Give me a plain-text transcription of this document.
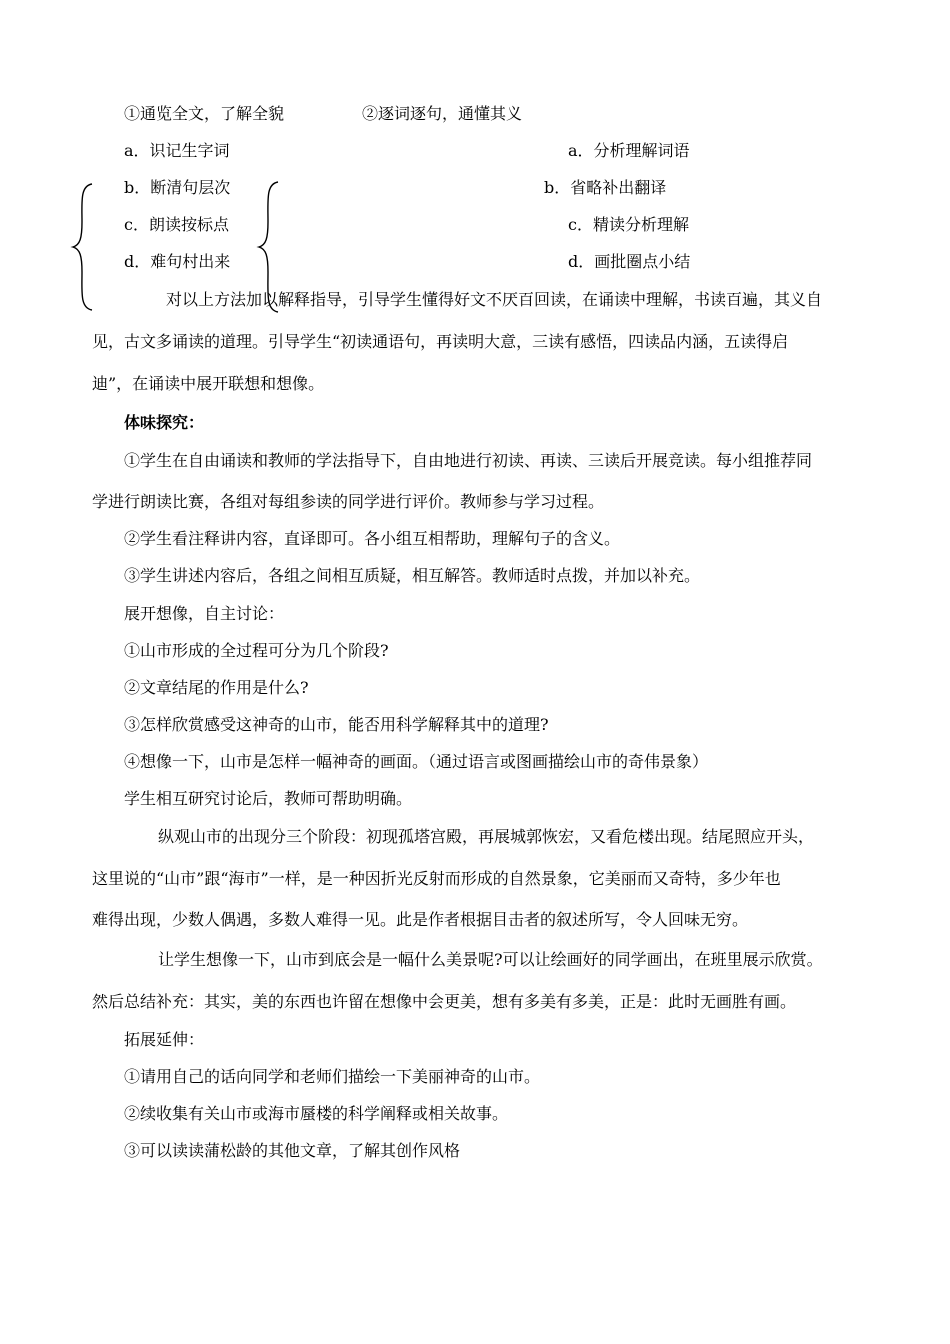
①通览全文，了解全貌	②逐词逐句，通懂其义
a．识记生字词
b．断清句层次
c．朗读按标点
d．难句村出来
a．分析理解词语
b．省略补出翻译
c．精读分析理解
d．画批圈点小结
对以上方法加以解释指导，引导学生懂得好文不厌百回读，在诵读中理解，书读百遍，其义自
见，古文多诵读的道理。引导学生“初读通语句，再读明大意，三读有感悟，四读品内涵，五读得启
迪”，在诵读中展开联想和想像。
体味探究：
①学生在自由诵读和教师的学法指导下，自由地进行初读、再读、三读后开展竞读。每小组推荐同
学进行朗读比赛，各组对每组参读的同学进行评价。教师参与学习过程。
②学生看注释讲内容，直译即可。各小组互相帮助，理解句子的含义。
③学生讲述内容后，各组之间相互质疑，相互解答。教师适时点拨，并加以补充。
展开想像，自主讨论：
①山市形成的全过程可分为几个阶段?
②文章结尾的作用是什么?
③怎样欣赏感受这神奇的山市，能否用科学解释其中的道理?
④想像一下，山市是怎样一幅神奇的画面。（通过语言或图画描绘山市的奇伟景象）
学生相互研究讨论后，教师可帮助明确。
纵观山市的出现分三个阶段：初现孤塔宫殿，再展城郭恢宏，又看危楼出现。结尾照应开头，
这里说的“山市”跟“海市”一样，是一种因折光反射而形成的自然景象，它美丽而又奇特，多少年也
难得出现，少数人偶遇，多数人难得一见。此是作者根据目击者的叙述所写，令人回味无穷。
让学生想像一下，山市到底会是一幅什么美景呢?可以让绘画好的同学画出，在班里展示欣赏。
然后总结补充：其实，美的东西也许留在想像中会更美，想有多美有多美，正是：此时无画胜有画。
拓展延伸：
①请用自己的话向同学和老师们描绘一下美丽神奇的山市。
②续收集有关山市或海市蜃楼的科学阐释或相关故事。
③可以读读蒲松龄的其他文章，了解其创作风格
